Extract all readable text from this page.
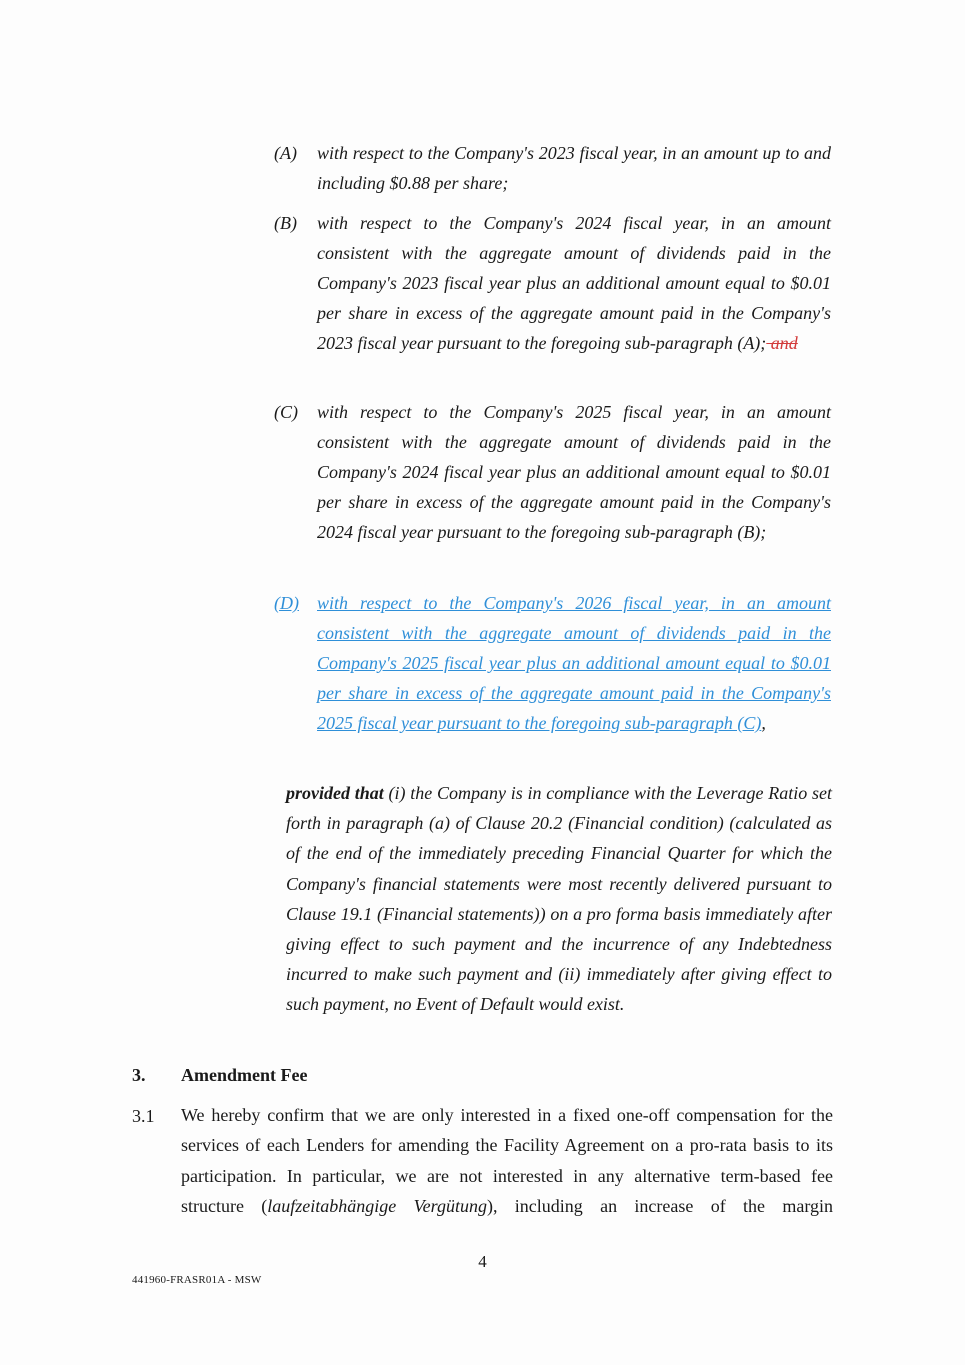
(A) with respect to the Company's 2023 fiscal year, in an amount up to and including $0.88 per share;
(B) with respect to the Company's 2024 fiscal year, in an amount consistent with the aggregate amount of dividends paid in the Company's 2023 fiscal year plus an additional amount equal to $0.01 per share in excess of the aggregate amount paid in the Company's 2023 fiscal year pursuant to the foregoing sub-paragraph (A); and
(C) with respect to the Company's 2025 fiscal year, in an amount consistent with the aggregate amount of dividends paid in the Company's 2024 fiscal year plus an additional amount equal to $0.01 per share in excess of the aggregate amount paid in the Company's 2024 fiscal year pursuant to the foregoing sub-paragraph (B);
(D) with respect to the Company's 2026 fiscal year, in an amount consistent with the aggregate amount of dividends paid in the Company's 2025 fiscal year plus an additional amount equal to $0.01 per share in excess of the aggregate amount paid in the Company's 2025 fiscal year pursuant to the foregoing sub-paragraph (C),
provided that (i) the Company is in compliance with the Leverage Ratio set forth in paragraph (a) of Clause 20.2 (Financial condition) (calculated as of the end of the immediately preceding Financial Quarter for which the Company's financial statements were most recently delivered pursuant to Clause 19.1 (Financial statements)) on a pro forma basis immediately after giving effect to such payment and the incurrence of any Indebtedness incurred to make such payment and (ii) immediately after giving effect to such payment, no Event of Default would exist.
3. Amendment Fee
3.1 We hereby confirm that we are only interested in a fixed one-off compensation for the services of each Lenders for amending the Facility Agreement on a pro-rata basis to its participation. In particular, we are not interested in any alternative term-based fee structure (laufzeitabhängige Vergütung), including an increase of the margin
4
441960-FRASR01A - MSW
